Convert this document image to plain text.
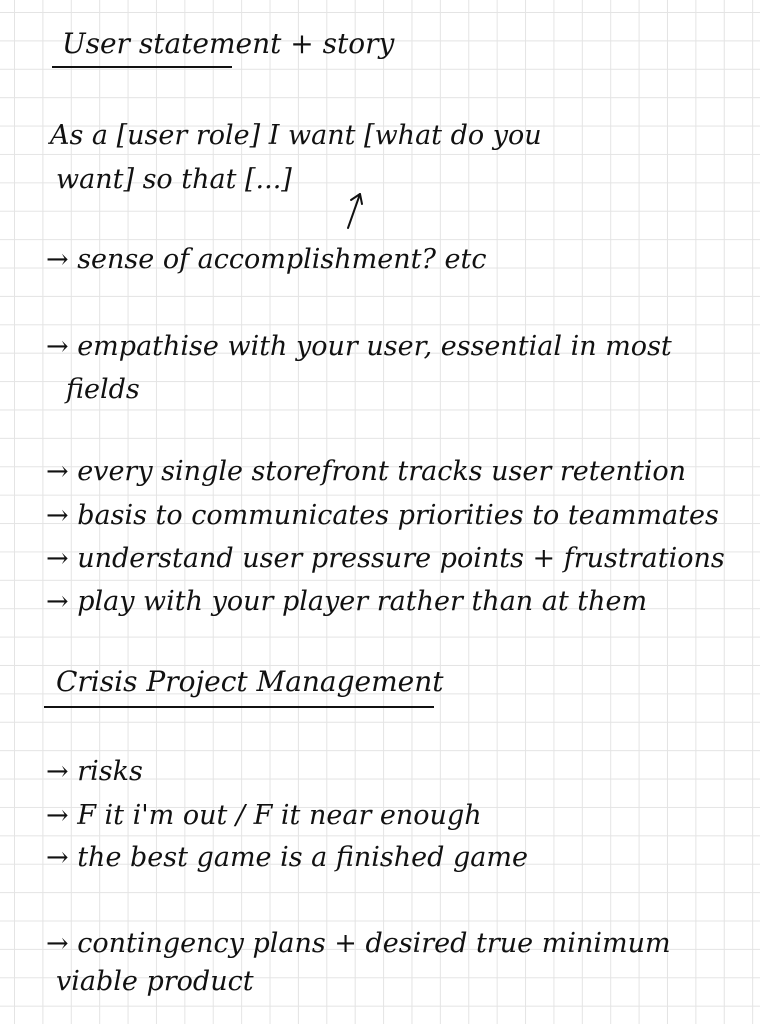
User statement + story
As a [user role] I want [what do you
want] so that [...]
→ sense of accomplishment? etc
→ empathise with your user, essential in most
fields
→ every single storefront tracks user retention
→ basis to communicates priorities to teammates
→ understand user pressure points + frustrations
→ play with your player rather than at them
Crisis Project Management
→ risks
→ F it i'm out / F it near enough
→ the best game is a finished game
→ contingency plans + desired true minimum
viable product
